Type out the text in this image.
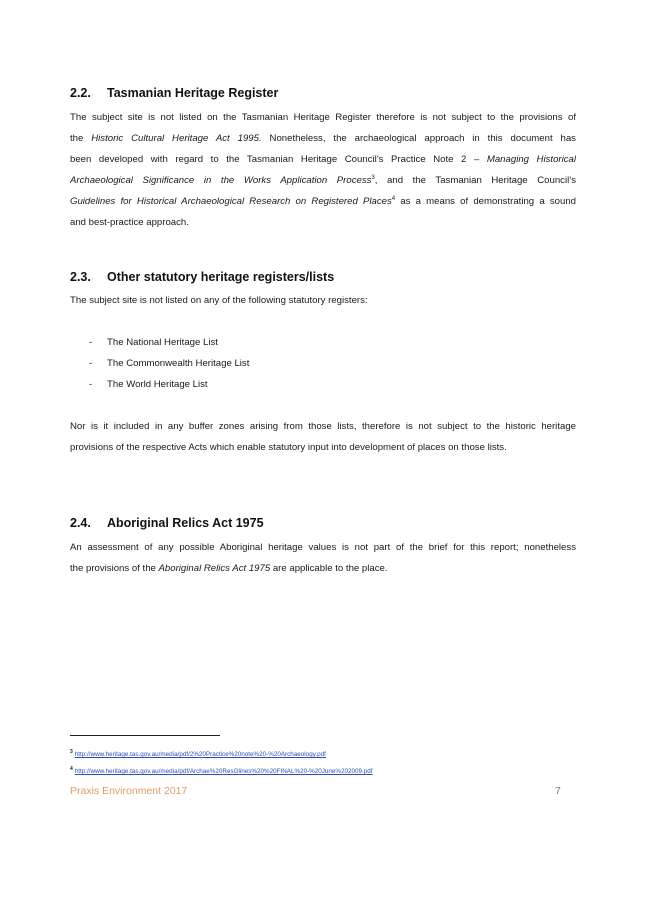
2.2. Tasmanian Heritage Register
The subject site is not listed on the Tasmanian Heritage Register therefore is not subject to the provisions of
the Historic Cultural Heritage Act 1995. Nonetheless, the archaeological approach in this document has
been developed with regard to the Tasmanian Heritage Council’s Practice Note 2 – Managing Historical
Archaeological Significance in the Works Application Process$^3$, and the Tasmanian Heritage Council’s
Guidelines for Historical Archaeological Research on Registered Places$^4$ as a means of demonstrating a sound
and best-practice approach.
2.3. Other statutory heritage registers/lists
The subject site is not listed on any of the following statutory registers:
- The National Heritage List
- The Commonwealth Heritage List
- The World Heritage List
Nor is it included in any buffer zones arising from those lists, therefore is not subject to the historic heritage
provisions of the respective Acts which enable statutory input into development of places on those lists.
2.4. Aboriginal Relics Act 1975
An assessment of any possible Aboriginal heritage values is not part of the brief for this report; nonetheless
the provisions of the Aboriginal Relics Act 1975 are applicable to the place.
$^3$ http://www.heritage.tas.gov.au/media/pdf/2%20Practice%20note%20-%20Archaeology.pdf
$^4$ http://www.heritage.tas.gov.au/media/pdf/Archae%20ResGlines%20%20FINAL%20-%20June%202009.pdf
Praxis Environment 2017	7
